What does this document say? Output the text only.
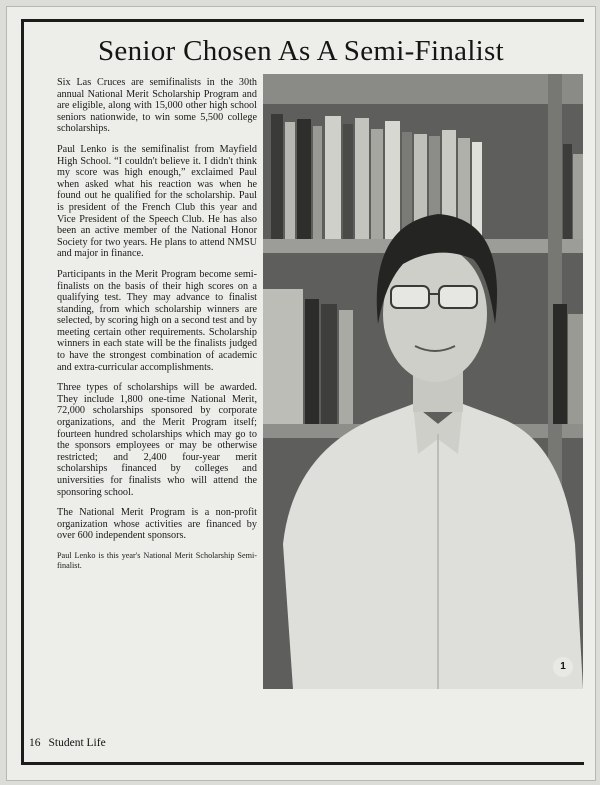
Senior Chosen As A Semi-Finalist

Six Las Cruces are semifinalists in the 30th annual National Merit Scholarship Program and are eligible, along with 15,000 other high school seniors nationwide, to win some 5,500 college scholarships.

Paul Lenko is the semifinalist from Mayfield High School. “I couldn't believe it. I didn't think my score was high enough,” exclaimed Paul when asked what his reaction was when he found out he qualified for the scholarship. Paul is president of the French Club this year and Vice President of the Speech Club. He has also been an active member of the National Honor Society for two years. He plans to attend NMSU and major in finance.

Participants in the Merit Program become semi-finalists on the basis of their high scores on a qualifying test. They may advance to finalist standing, from which scholarship winners are selected, by scoring high on a second test and by meeting certain other requirements. Scholarship winners in each state will be the finalists judged to have the strongest combination of academic and extra-curricular accomplishments.

Three types of scholarships will be awarded. They include 1,800 one-time National Merit, 72,000 scholarships sponsored by corporate organizations, and the Merit Program itself; fourteen hundred scholarships which may go to the sponsors employees or may be otherwise restricted; and 2,400 four-year merit scholarships financed by colleges and universities for finalists who will attend the sponsoring school.

The National Merit Program is a non-profit organization whose activities are financed by over 600 independent sponsors.

Paul Lenko is this year's National Merit Scholarship Semi-finalist.

1
16 Student Life
